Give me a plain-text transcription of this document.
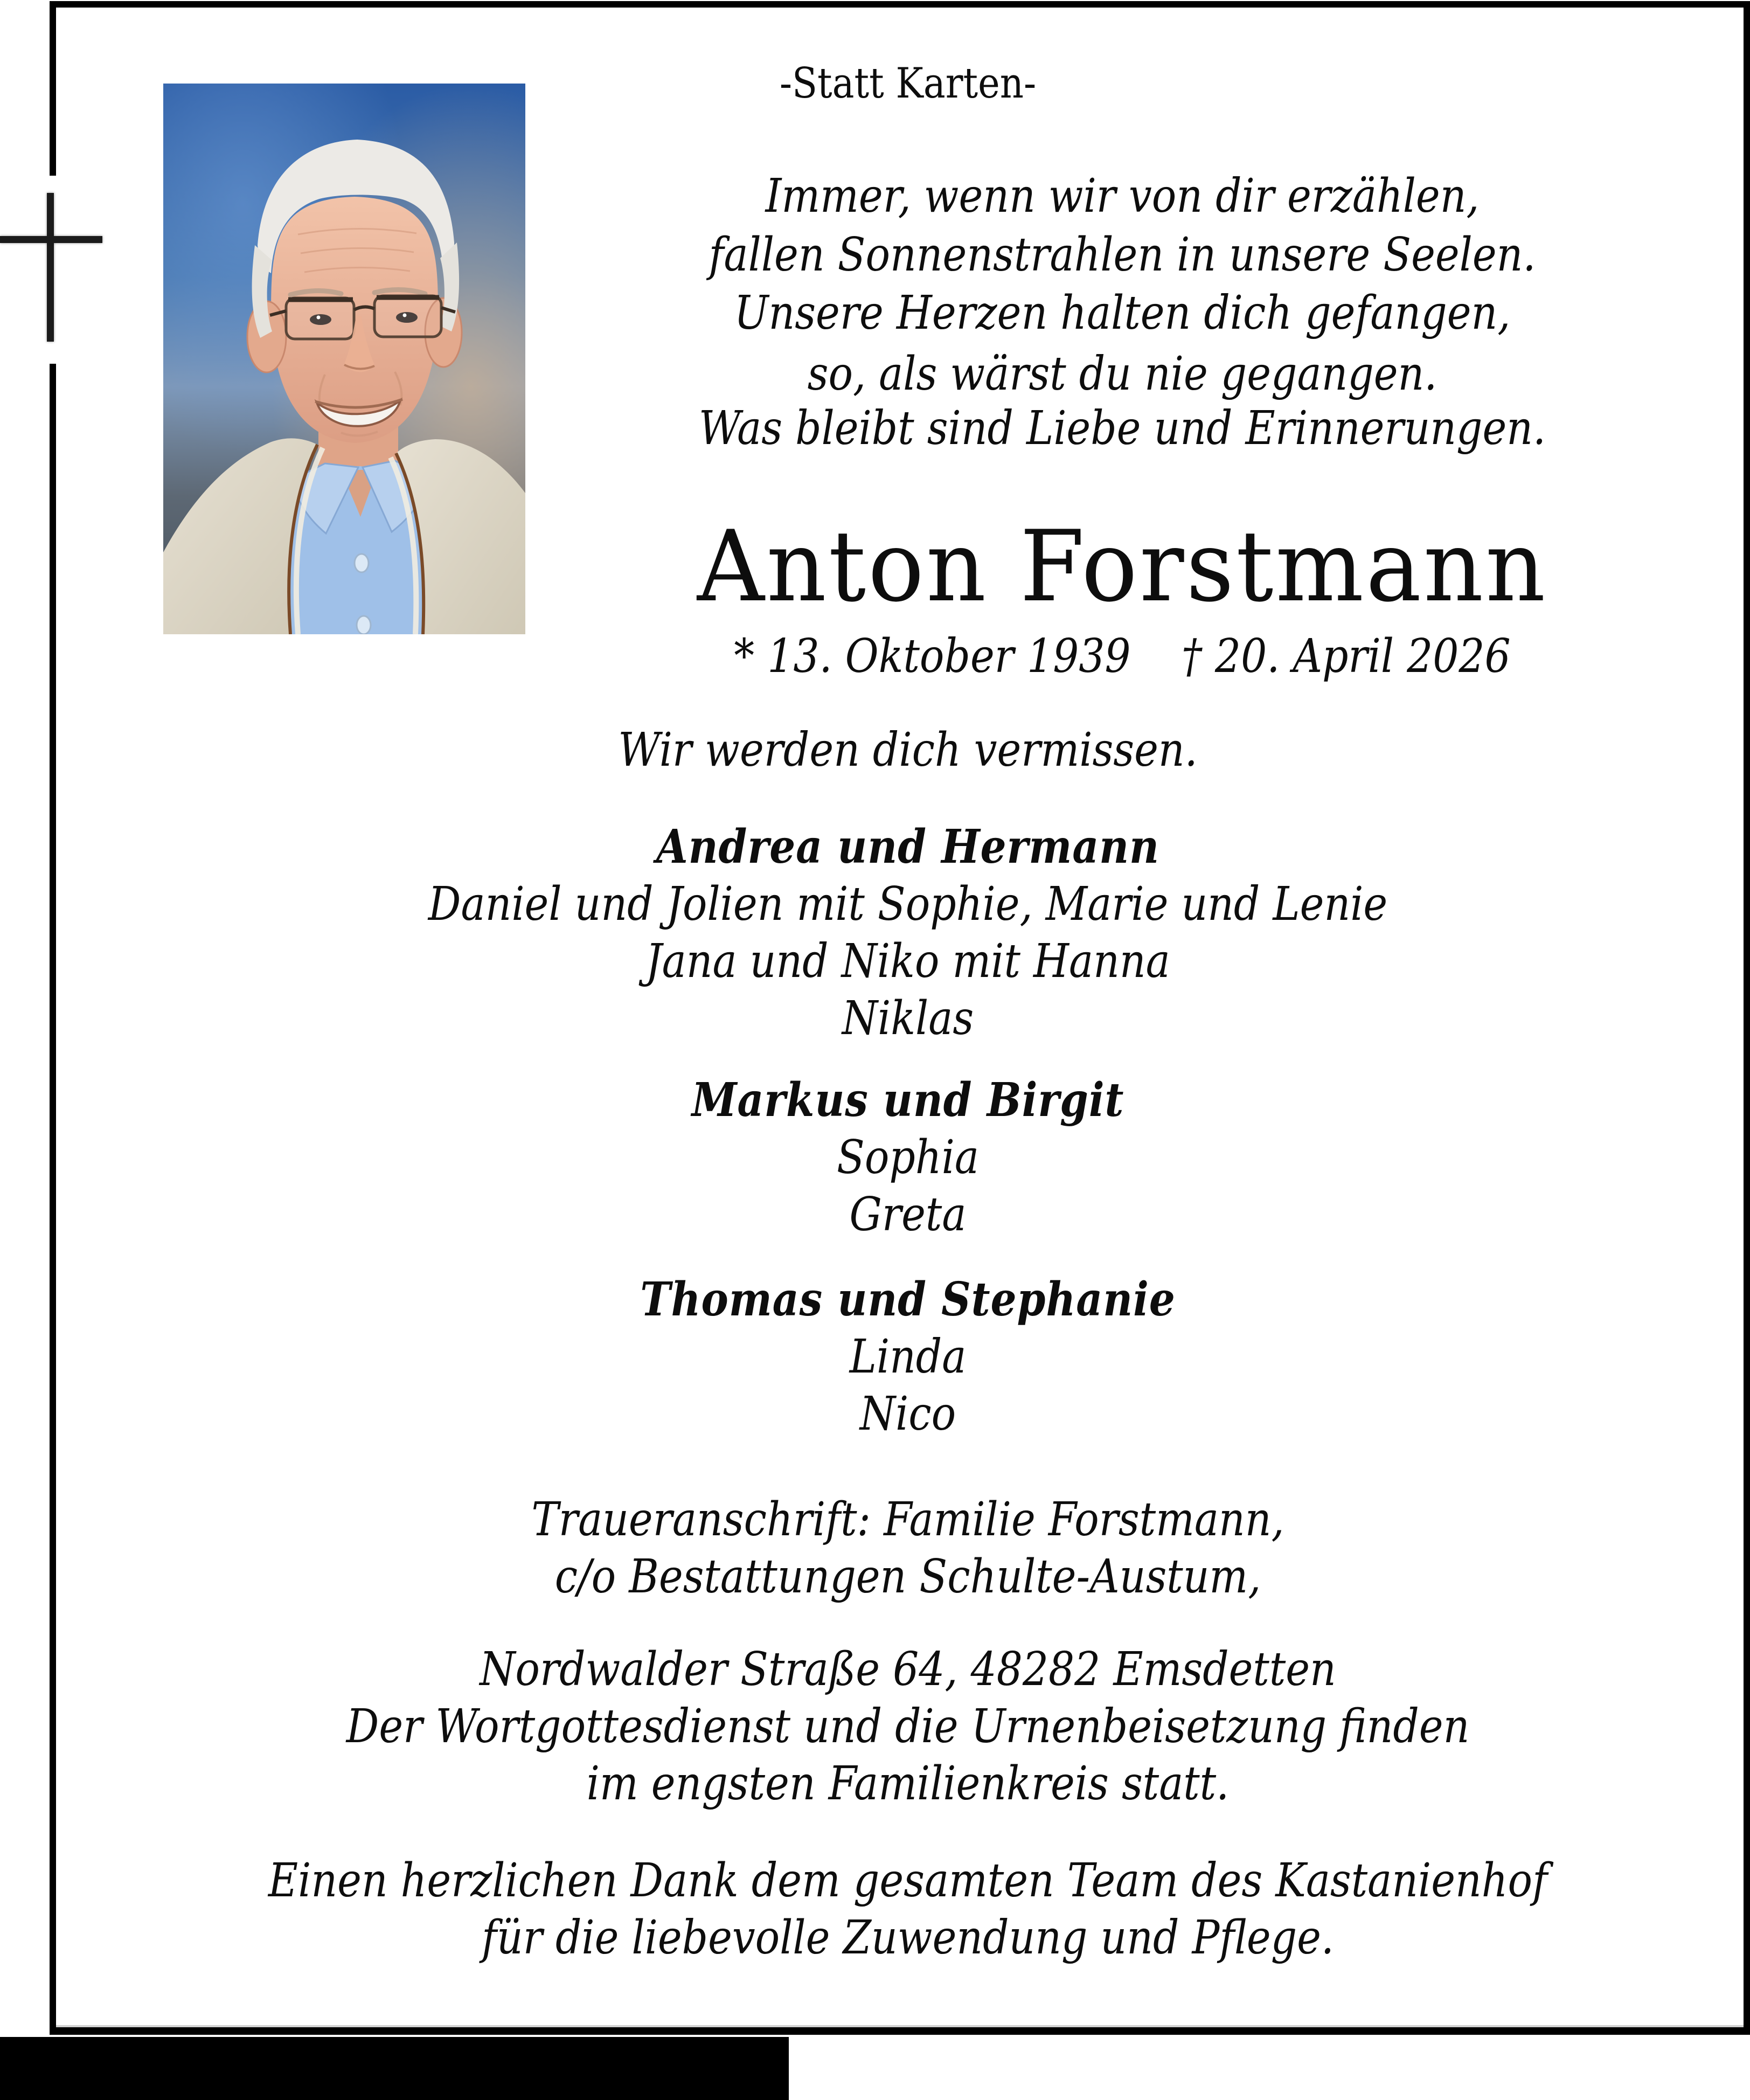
-Statt Karten-
Immer, wenn wir von dir erzählen,
fallen Sonnenstrahlen in unsere Seelen.
Unsere Herzen halten dich gefangen,
so, als wärst du nie gegangen.
Was bleibt sind Liebe und Erinnerungen.
Anton Forstmann
* 13. Oktober 1939 † 20. April 2026
Wir werden dich vermissen.
Andrea und Hermann
Daniel und Jolien mit Sophie, Marie und Lenie
Jana und Niko mit Hanna
Niklas
Markus und Birgit
Sophia
Greta
Thomas und Stephanie
Linda
Nico
Traueranschrift: Familie Forstmann,
c/o Bestattungen Schulte-Austum,
Nordwalder Straße 64, 48282 Emsdetten
Der Wortgottesdienst und die Urnenbeisetzung finden
im engsten Familienkreis statt.
Einen herzlichen Dank dem gesamten Team des Kastanienhof
für die liebevolle Zuwendung und Pflege.
